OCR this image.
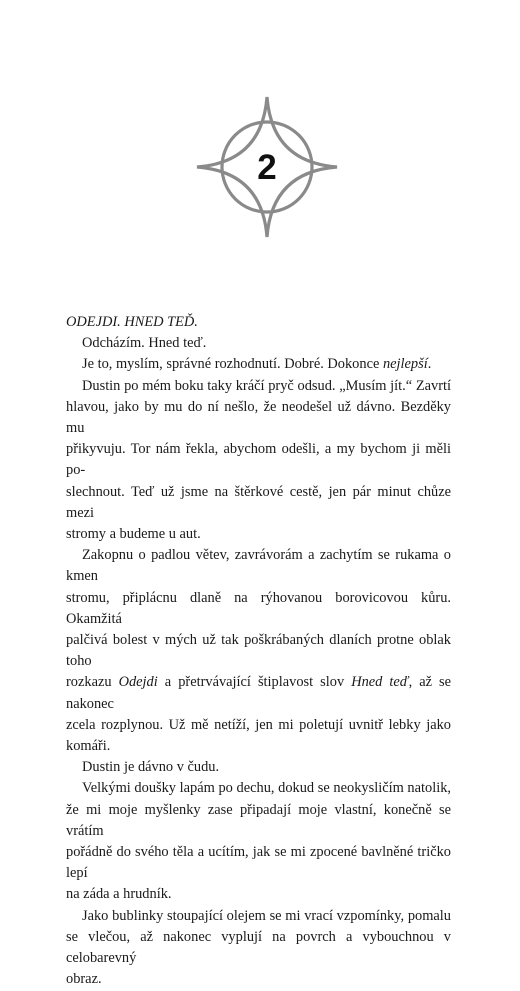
2
ODEJDI. HNED TEĎ.
Odcházím. Hned teď.
Je to, myslím, správné rozhodnutí. Dobré. Dokonce nejlepší.
Dustin po mém boku taky kráčí pryč odsud. „Musím jít.“ Zavrtí
hlavou, jako by mu do ní nešlo, že neodešel už dávno. Bezděky mu
přikyvuju. Tor nám řekla, abychom odešli, a my bychom ji měli po-
slechnout. Teď už jsme na štěrkové cestě, jen pár minut chůze mezi
stromy a budeme u aut.
Zakopnu o padlou větev, zavrávorám a zachytím se rukama o kmen
stromu, připlácnu dlaně na rýhovanou borovicovou kůru. Okamžitá
palčivá bolest v mých už tak poškrábaných dlaních protne oblak toho
rozkazu Odejdi a přetrvávající štiplavost slov Hned teď, až se nakonec
zcela rozplynou. Už mě netíží, jen mi poletují uvnitř lebky jako komáři.
Dustin je dávno v čudu.
Velkými doušky lapám po dechu, dokud se neokysličím natolik,
že mi moje myšlenky zase připadají moje vlastní, konečně se vrátím
pořádně do svého těla a ucítím, jak se mi zpocené bavlněné tričko lepí
na záda a hrudník.
Jako bublinky stoupající olejem se mi vrací vzpomínky, pomalu
se vlečou, až nakonec vyplují na povrch a vybouchnou v celobarevný
obraz.
